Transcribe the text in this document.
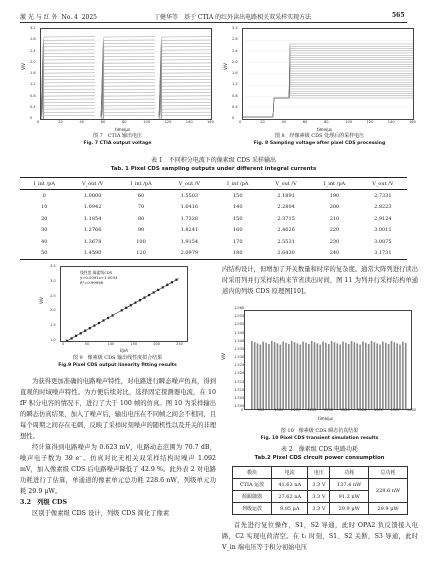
激 光 与 红 外 No. 4 2025	丁健华等　基于 CTIA 的红外读出电路相关双采样实现方法	565
V/V
time/μs
图 7　CTIA 输出电压
Fig. 7 CTIA output voltage
V/V
time/μs
图 8　经像素级 CDS 处理后的采样电压
Fig. 8 Sampling voltage after pixel CDS processing
表 1　不同积分电流下的像素级 CDS 采样输出
Tab. 1 Pixel CDS sampling outputs under different integral currents
I_int /pA	V_out /V	I_int /pA	V_out /V	I_int /pA	V_out /V	I_int /pA	V_out /V
0	1.0000	60	1.5503	150	2.1891	190	2.7331
10	1.0942	70	1.6416	140	2.2804	200	2.8223
20	1.1854	80	1.7328	150	2.3715	210	2.9124
30	1.2766	90	1.8241	160	2.4626	220	3.0011
40	1.3678	100	1.9154	170	2.5531	230	3.0875
50	1.4590	120	2.0979	180	2.6430	240	3.1731
V/V
线性度-像素级CDS
y=0.0091x+1.0034
R²=0.99998
I/pA
图 9　像素级 CDS 输出线性度拟合结果
Fig.9 Pixel CDS output linearity fitting results

为获得更加准确的电路噪声特性，对电路进行瞬态噪声仿真，得到直观的时域噪声特性。为方便后续对比，选择固定探测器电流，在 10 fF 积分电容的情况下，进行了大于 100 帧的仿真。图 10 为采样输出的瞬态仿真结果，加入了噪声后，输出电压在不同帧之间会不相同，且每个周期之间存在毛刺，反映了采样时刻噪声的随机性以及开关的非理想性。

经计算得到电路噪声为 0.623 mV，电路动态范围为 70.7 dB，噪声电子数为 39 e⁻。仿真对比无相关双采样结构时噪声 1.092 mV，加入像素级 CDS 后电路噪声降低了 42.9 %。此外表 2 对电路功耗进行了估算，单通道的像素单元总功耗 228.6 nW，列级单元功耗 29.9 μW。

3.2　列级 CDS

区别于像素级 CDS 设计，列级 CDS 简化了像素

内结构设计，但增加了开关数量和时序的复杂度。通常大阵列进行读出时采用列并行采样结构来节省读出时间，图 11 为列并行采样结构单通道内的列级 CDS 原理图[10]。

V/V
time/μs
图 10　像素级 CDS 瞬态仿真结果
Fig. 10 Pixel CDS transient simulation results
表 2　像素级 CDS 电路功耗
Tab.2 Pixel CDS circuit power consumption
模块	电流	电压	功耗	总功耗
CTIA 运放	41.63 nA	3.3 V	137.4 nW	228.6 nW
源跟随器	27.62 nA	3.3 V	91.2 nW	
列级运放	9.05 μA	3.3 V	29.9 μW	29.9 μW

首先进行复位操作，S1，S2 导通，此时 OPA2 负反馈接入电路，C2 实现电荷清空。在 t₁ 时刻，S1、S2 关断，S3 导通，此时 V_in 端电压等于积分初始电压

3.2
2.8
2.4
2.0
1.6
1.2
0.8
0.4
0
0	20	40	60	80	100	120	140	160
3.2
2.8
2.4
2.0
1.6
1.2
0.8
0.4
0
0	20	40	60	80	100	120	140	160
3.5
3.0
2.5
2.0
1.5
1.0
0	50	100	150	200	250
1.560
1.555
1.550
1.545
1.540
1.535
1.530
1.525
1.520
1.515
1.510
1.505
1.500
0	500	1000 1500 2000 2500 3000 3500 4000 4500 5000
